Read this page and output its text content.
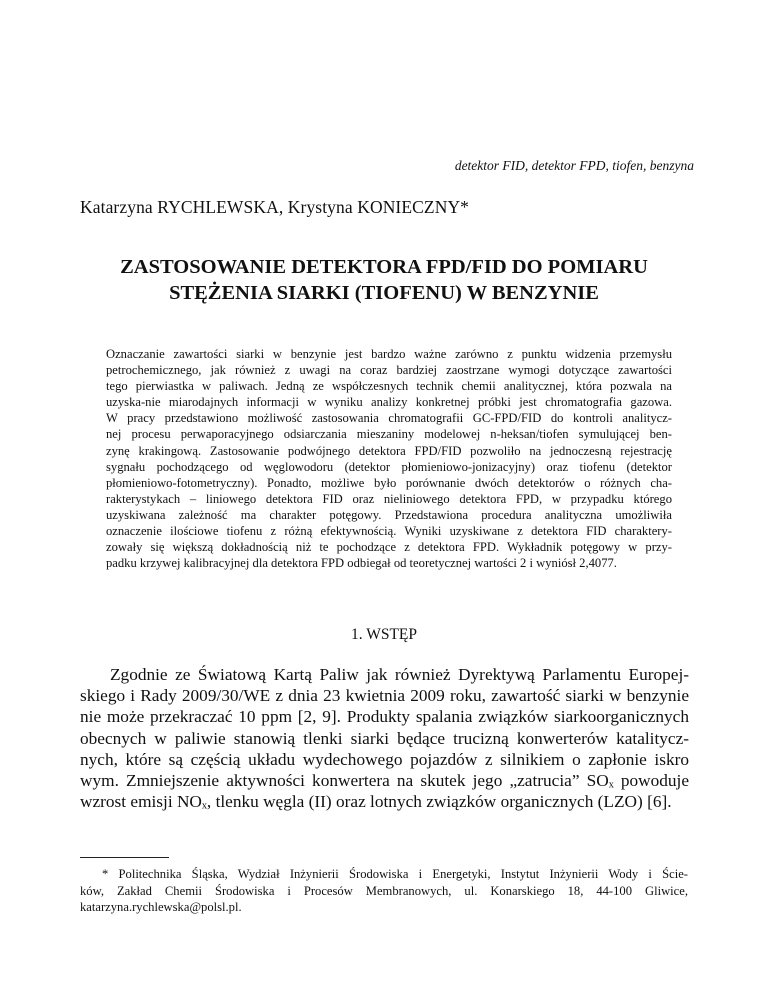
detektor FID, detektor FPD, tiofen, benzyna
Katarzyna RYCHLEWSKA, Krystyna KONIECZNY*
ZASTOSOWANIE DETEKTORA FPD/FID DO POMIARU
STĘŻENIA SIARKI (TIOFENU) W BENZYNIE
Oznaczanie zawartości siarki w benzynie jest bardzo ważne zarówno z punktu widzenia przemysłu
petrochemicznego, jak również z uwagi na coraz bardziej zaostrzane wymogi dotyczące zawartości
tego pierwiastka w paliwach. Jedną ze współczesnych technik chemii analitycznej, która pozwala na
uzyska-nie miarodajnych informacji w wyniku analizy konkretnej próbki jest chromatografia gazowa.
W pracy przedstawiono możliwość zastosowania chromatografii GC-FPD/FID do kontroli analitycz-
nej procesu perwaporacyjnego odsiarczania mieszaniny modelowej n-heksan/tiofen symulującej ben-
zynę krakingową. Zastosowanie podwójnego detektora FPD/FID pozwoliło na jednoczesną rejestrację
sygnału pochodzącego od węglowodoru (detektor płomieniowo-jonizacyjny) oraz tiofenu (detektor
płomieniowo-fotometryczny). Ponadto, możliwe było porównanie dwóch detektorów o różnych cha-
rakterystykach – liniowego detektora FID oraz nieliniowego detektora FPD, w przypadku którego
uzyskiwana zależność ma charakter potęgowy. Przedstawiona procedura analityczna umożliwiła
oznaczenie ilościowe tiofenu z różną efektywnością. Wyniki uzyskiwane z detektora FID charaktery-
zowały się większą dokładnością niż te pochodzące z detektora FPD. Wykładnik potęgowy w przy-
padku krzywej kalibracyjnej dla detektora FPD odbiegał od teoretycznej wartości 2 i wyniósł 2,4077.
1. WSTĘP
Zgodnie ze Światową Kartą Paliw jak również Dyrektywą Parlamentu Europej-
skiego i Rady 2009/30/WE z dnia 23 kwietnia 2009 roku, zawartość siarki w benzynie
nie może przekraczać 10 ppm [2, 9]. Produkty spalania związków siarkoorganicznych
obecnych w paliwie stanowią tlenki siarki będące trucizną konwerterów katalitycz-
nych, które są częścią układu wydechowego pojazdów z silnikiem o zapłonie iskro
wym. Zmniejszenie aktywności konwertera na skutek jego „zatrucia” SOₓ powoduje
wzrost emisji NOₓ, tlenku węgla (II) oraz lotnych związków organicznych (LZO) [6].
* Politechnika Śląska, Wydział Inżynierii Środowiska i Energetyki, Instytut Inżynierii Wody i Ście-
ków, Zakład Chemii Środowiska i Procesów Membranowych, ul. Konarskiego 18, 44-100 Gliwice,
katarzyna.rychlewska@polsl.pl.
